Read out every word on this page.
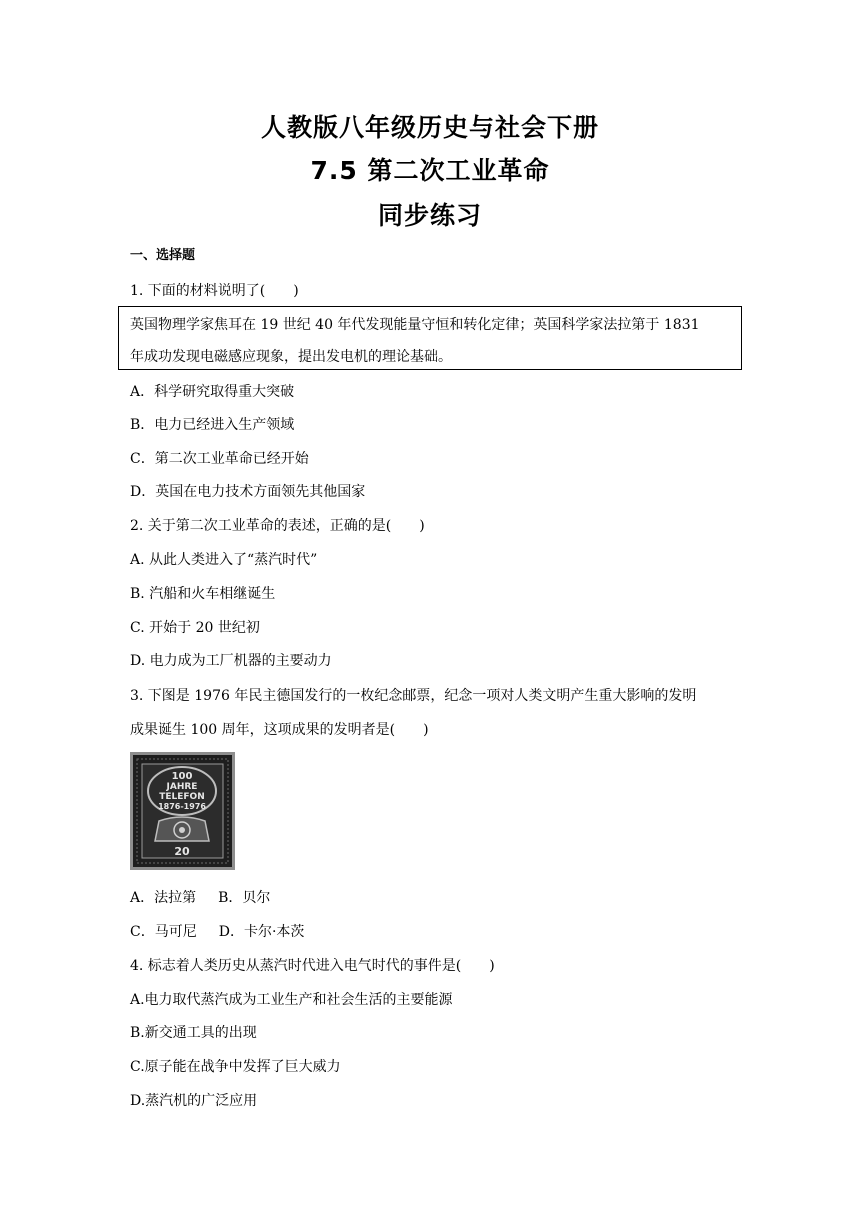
人教版八年级历史与社会下册
7.5 第二次工业革命
同步练习
一、选择题
1. 下面的材料说明了(　　)
英国物理学家焦耳在 19 世纪 40 年代发现能量守恒和转化定律；英国科学家法拉第于 1831
年成功发现电磁感应现象，提出发电机的理论基础。
A．科学研究取得重大突破
B．电力已经进入生产领域
C．第二次工业革命已经开始
D．英国在电力技术方面领先其他国家
2. 关于第二次工业革命的表述，正确的是(　　)
A. 从此人类进入了“蒸汽时代”
B. 汽船和火车相继诞生
C. 开始于 20 世纪初
D. 电力成为工厂机器的主要动力
3. 下图是 1976 年民主德国发行的一枚纪念邮票，纪念一项对人类文明产生重大影响的发明
成果诞生 100 周年，这项成果的发明者是(　　)
100
JAHRE
TELEFON
1876-1976
20
A．法拉第 B．贝尔
C．马可尼 D．卡尔·本茨
4. 标志着人类历史从蒸汽时代进入电气时代的事件是(　　)
A.电力取代蒸汽成为工业生产和社会生活的主要能源
B.新交通工具的出现
C.原子能在战争中发挥了巨大威力
D.蒸汽机的广泛应用
